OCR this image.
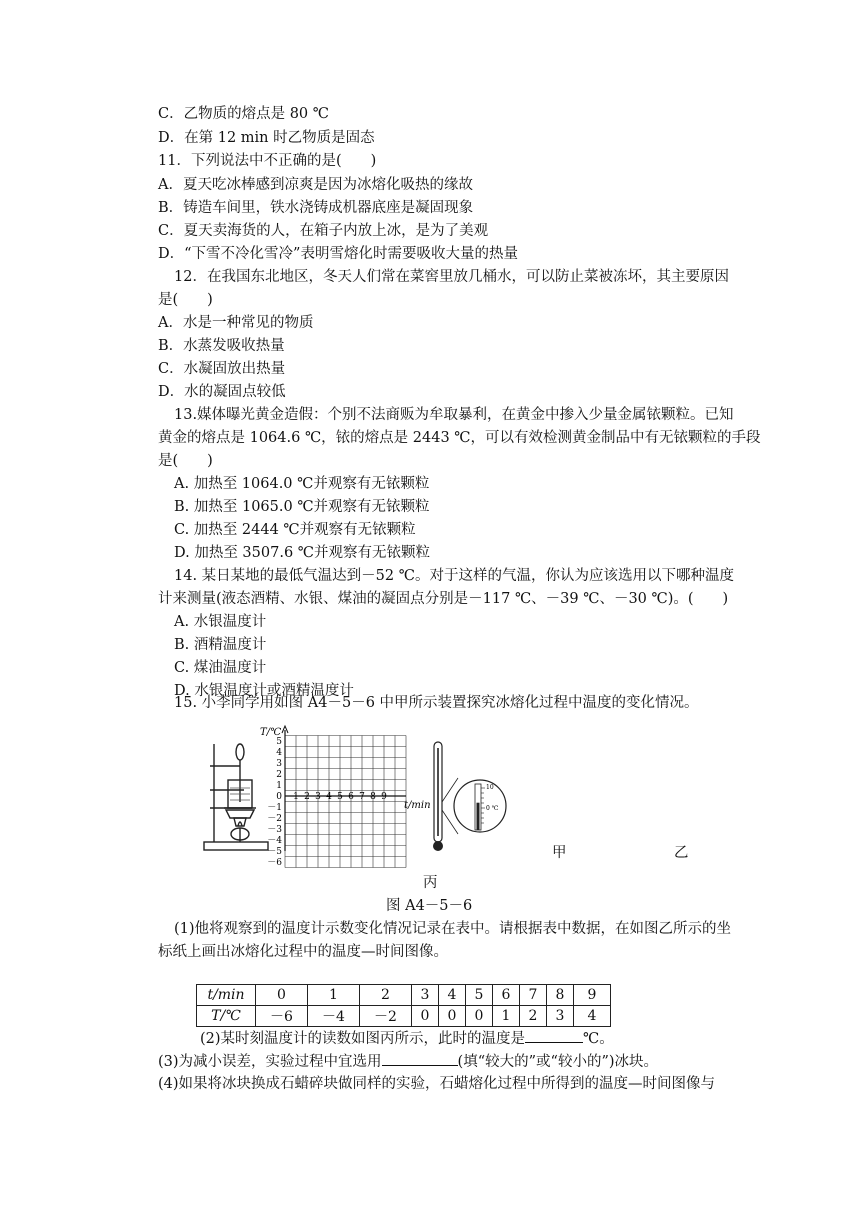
C．乙物质的熔点是 80 ℃
D．在第 12 min 时乙物质是固态
11．下列说法中不正确的是(　　)
A．夏天吃冰棒感到凉爽是因为冰熔化吸热的缘故
B．铸造车间里，铁水浇铸成机器底座是凝固现象
C．夏天卖海货的人，在箱子内放上冰，是为了美观
D．“下雪不冷化雪冷”表明雪熔化时需要吸收大量的热量
12．在我国东北地区，冬天人们常在菜窖里放几桶水，可以防止菜被冻坏，其主要原因
是(　　)
A．水是一种常见的物质
B．水蒸发吸收热量
C．水凝固放出热量
D．水的凝固点较低
13.媒体曝光黄金造假：个别不法商贩为牟取暴利，在黄金中掺入少量金属铱颗粒。已知
黄金的熔点是 1064.6 ℃，铱的熔点是 2443 ℃，可以有效检测黄金制品中有无铱颗粒的手段
是(　　)
A. 加热至 1064.0 ℃并观察有无铱颗粒
B. 加热至 1065.0 ℃并观察有无铱颗粒
C. 加热至 2444 ℃并观察有无铱颗粒
D. 加热至 3507.6 ℃并观察有无铱颗粒
14. 某日某地的最低气温达到－52 ℃。对于这样的气温，你认为应该选用以下哪种温度
计来测量(液态酒精、水银、煤油的凝固点分别是－117 ℃、－39 ℃、－30 ℃)。(　　)
A. 水银温度计
B. 酒精温度计
C. 煤油温度计
D. 水银温度计或酒精温度计
15. 小李同学用如图 A4－5－6 中甲所示装置探究冰熔化过程中温度的变化情况。
T/℃
t/min
5
4
3
2
1
0
－1
－2
－3
－4
－5
－6
1 2 3 4 5 6 7 8 9
10
0 ℃
甲	乙
丙
图 A4－5－6
(1)他将观察到的温度计示数变化情况记录在表中。请根据表中数据，在如图乙所示的坐
标纸上画出冰熔化过程中的温度—时间图像。
t/min	0	1	2	3	4	5	6	7	8	9
T/℃	－6	－4	－2	0	0	0	1	2	3	4
(2)某时刻温度计的读数如图丙所示，此时的温度是	℃。
(3)为减小误差，实验过程中宜选用	(填“较大的”或“较小的”)冰块。
(4)如果将冰块换成石蜡碎块做同样的实验，石蜡熔化过程中所得到的温度—时间图像与
